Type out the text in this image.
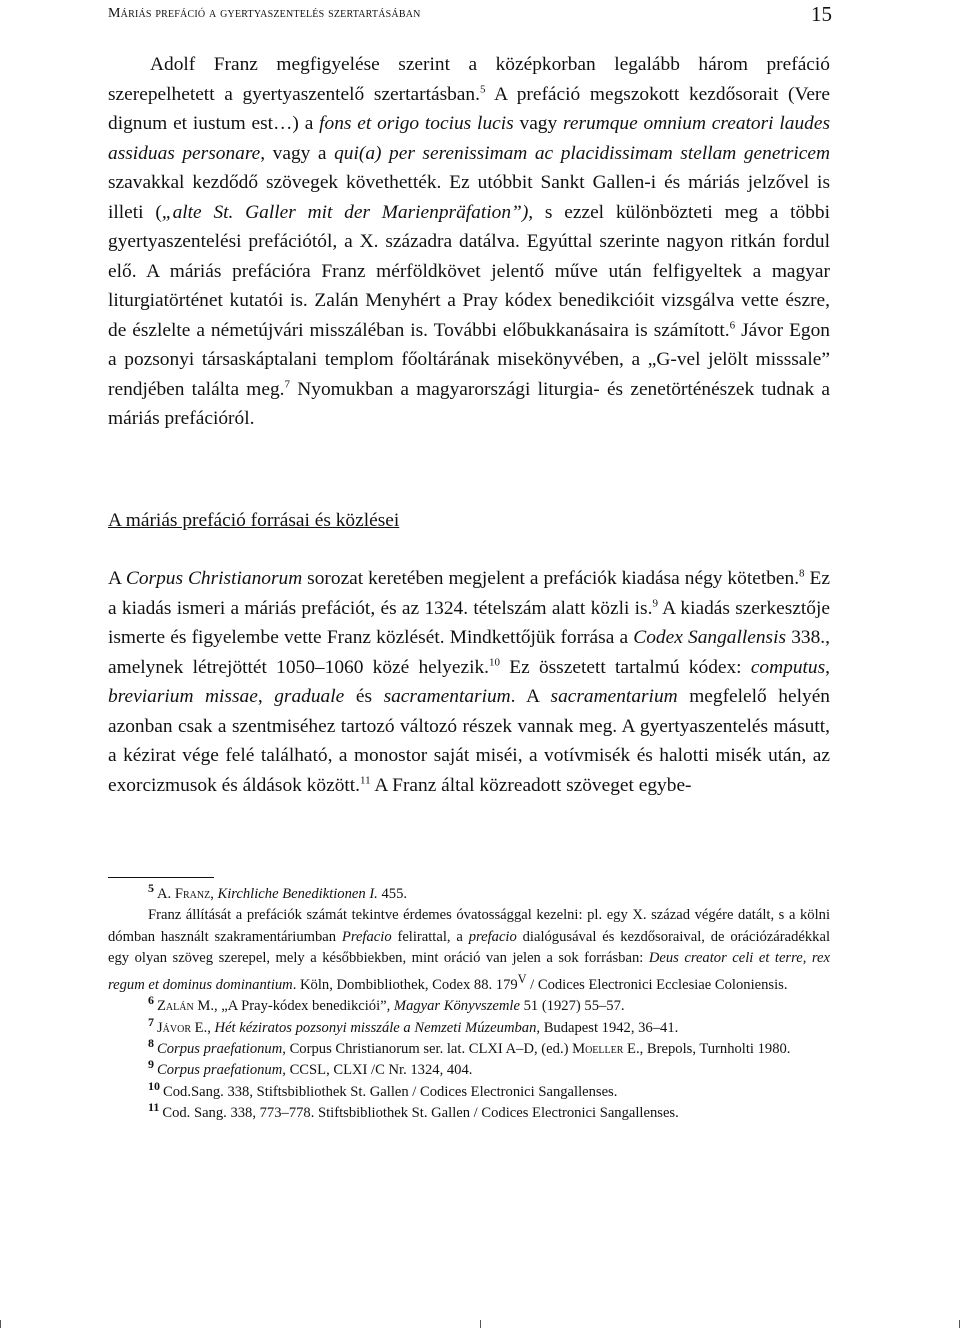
Máriás prefáció a gyertyaszentelés szertartásában	15

Adolf Franz megfigyelése szerint a középkorban legalább három prefáció szerepelhetett a gyertyaszentelő szertartásban.$^5$ A prefáció megszokott kezdősorait (Vere dignum et iustum est…) a fons et origo tocius lucis vagy rerumque omnium creatori laudes assiduas personare, vagy a qui(a) per serenissimam ac placidissimam stellam genetricem szavakkal kezdődő szövegek követhették. Ez utóbbit Sankt Gallen-i és máriás jelzővel is illeti („alte St. Galler mit der Marienpräfation”), s ezzel különbözteti meg a többi gyertyaszentelési prefációtól, a X. századra datálva. Egyúttal szerinte nagyon ritkán fordul elő. A máriás prefációra Franz mérföldkövet jelentő műve után felfigyeltek a magyar liturgiatörténet kutatói is. Zalán Menyhért a Pray kódex benedikcióit vizsgálva vette észre, de észlelte a németújvári misszáléban is. További előbukkanásaira is számított.$^6$ Jávor Egon a pozsonyi társaskáptalani templom főoltárának misekönyvében, a „G-vel jelölt misssale” rendjében találta meg.$^7$ Nyomukban a magyarországi liturgia- és zenetörténészek tudnak a máriás prefációról.

A máriás prefáció forrásai és közlései

A Corpus Christianorum sorozat keretében megjelent a prefációk kiadása négy kötetben.$^8$ Ez a kiadás ismeri a máriás prefációt, és az 1324. tételszám alatt közli is.$^9$ A kiadás szerkesztője ismerte és figyelembe vette Franz közlését. Mindkettőjük forrása a Codex Sangallensis 338., amelynek létrejöttét 1050–1060 közé helyezik.$^{10}$ Ez összetett tartalmú kódex: computus, breviarium missae, graduale és sacramentarium. A sacramentarium megfelelő helyén azonban csak a szentmiséhez tartozó változó részek vannak meg. A gyertyaszentelés másutt, a kézirat vége felé található, a monostor saját miséi, a votívmisék és halotti misék után, az exorcizmusok és áldások között.$^{11}$ A Franz által közreadott szöveget egybe-

$^5$ A. Franz, Kirchliche Benediktionen I. 455.

Franz állítását a prefációk számát tekintve érdemes óvatossággal kezelni: pl. egy X. század végére datált, s a kölni dómban használt szakramentáriumban Prefacio felirattal, a prefacio dialógusával és kezdősoraival, de orációzáradékkal egy olyan szöveg szerepel, mely a későbbiekben, mint oráció van jelen a sok forrásban: Deus creator celi et terre, rex regum et dominus dominantium. Köln, Dombibliothek, Codex 88. $179^V$ / Codices Electronici Ecclesiae Coloniensis.

$^6$ Zalán M., „A Pray-kódex benedikciói”, Magyar Könyvszemle 51 (1927) 55–57.

$^7$ Jávor E., Hét kéziratos pozsonyi misszále a Nemzeti Múzeumban, Budapest 1942, 36–41.

$^8$ Corpus praefationum, Corpus Christianorum ser. lat. CLXI A–D, (ed.) Moeller E., Brepols, Turnholti 1980.

$^9$ Corpus praefationum, CCSL, CLXI /C Nr. 1324, 404.

$^{10}$ Cod.Sang. 338, Stiftsbibliothek St. Gallen / Codices Electronici Sangallenses.

$^{11}$ Cod. Sang. 338, 773–778. Stiftsbibliothek St. Gallen / Codices Electronici Sangallenses.
